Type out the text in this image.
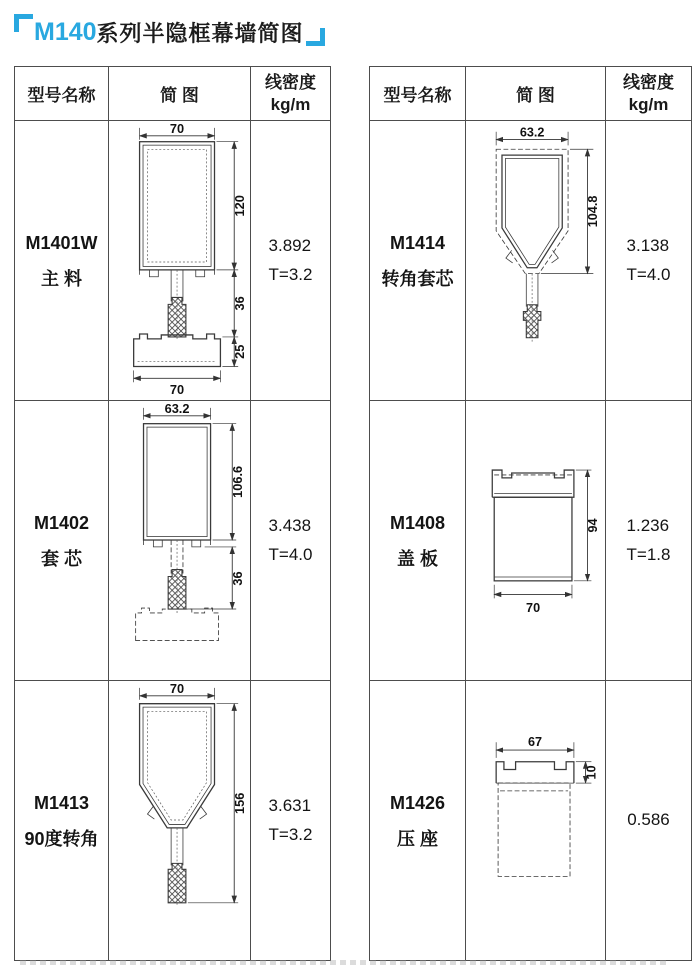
M140 系列半隐框幕墙简图
型号名称	简 图	线密度
kg/m

M1401W
主 料

70
70
120
36
25

3.892
T=3.2

M1402
套 芯

63.2
106.6
36

3.438
T=4.0

M1413
90度转角

70
156	3.631
T=3.2
型号名称	简 图	线密度
kg/m

M1414
转角套芯

63.2
104.8

3.138
T=4.0

M1408
盖 板

94
70

1.236
T=1.8

M1426
压 座

67
10

0.586
